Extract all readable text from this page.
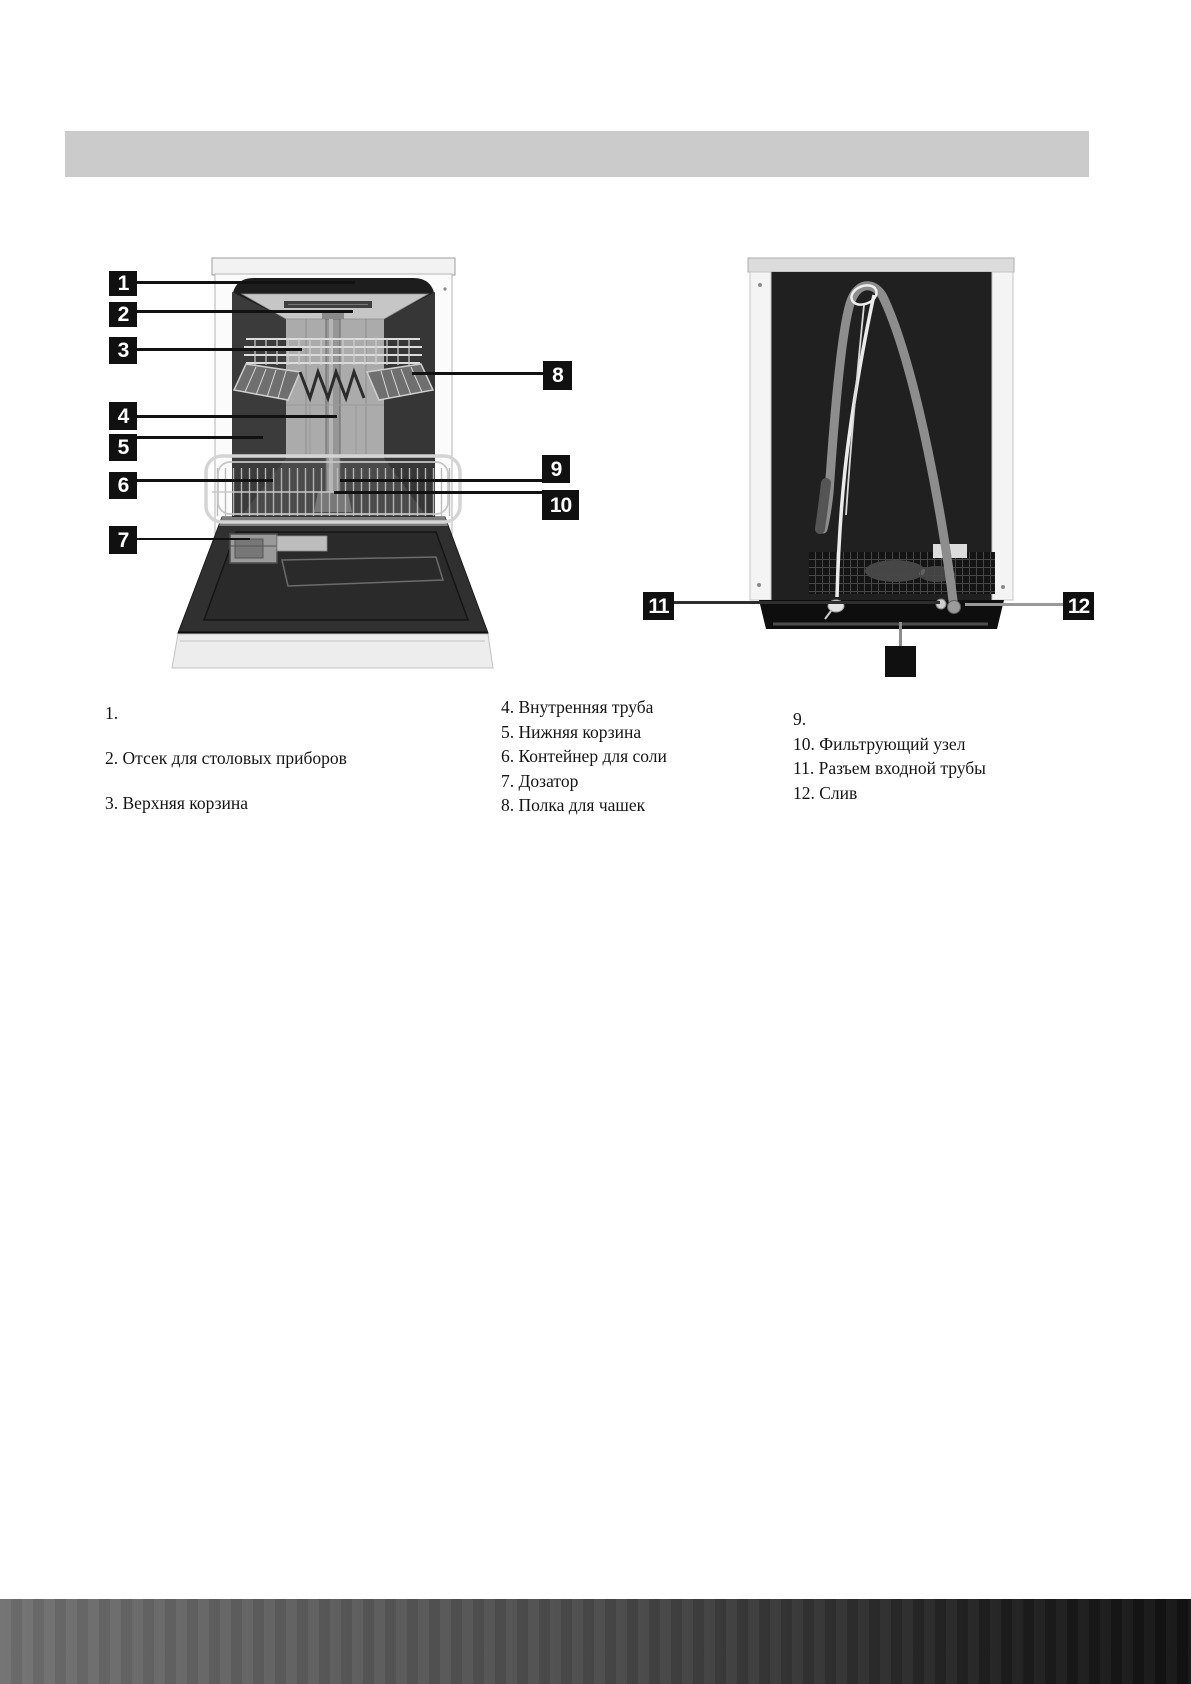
1
2
3
4
5
6
7
8
9
10
11	12
1.
2. Отсек для столовых приборов
3. Верхняя корзина
4. Внутренняя труба
5. Нижняя корзина
6. Контейнер для соли
7. Дозатор
8. Полка для чашек
9.
10. Фильтрующий узел
11. Разъем входной трубы
12. Слив
